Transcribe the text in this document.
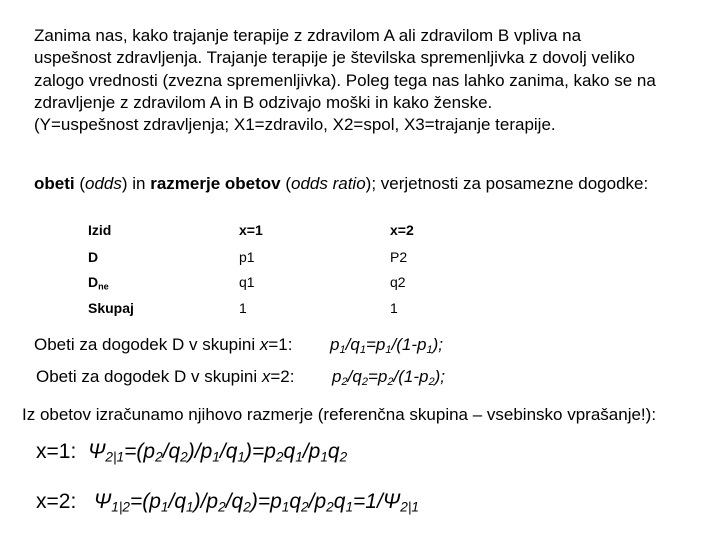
Zanima nas, kako trajanje terapije z zdravilom A ali zdravilom B vpliva na
uspešnost zdravljenja. Trajanje terapije je številska spremenljivka z dovolj veliko
zalogo vrednosti (zvezna spremenljivka). Poleg tega nas lahko zanima, kako se na
zdravljenje z zdravilom A in B odzivajo moški in kako ženske.
(Y=uspešnost zdravljenja; X1=zdravilo, X2=spol, X3=trajanje terapije.
obeti (odds) in razmerje obetov (odds ratio); verjetnosti za posamezne dogodke:
Izid
D
$D_{ne}$
Skupaj
x=1
p1
q1
1
x=2
P2
q2
1
Obeti za dogodek D v skupini x=1: $p_1/q_1=p_1/(1-p_1)$;
Obeti za dogodek D v skupini x=2: $p_2/q_2=p_2/(1-p_2)$;
Iz obetov izračunamo njihovo razmerje (referenčna skupina – vsebinsko vprašanje!):
x=1: $\Psi_{2|1}=(p_2/q_2)/p_1/q_1)=p_2q_1/p_1q_2$
x=2: $\Psi_{1|2}=(p_1/q_1)/p_2/q_2)=p_1q_2/p_2q_1=1/\Psi_{2|1}$
